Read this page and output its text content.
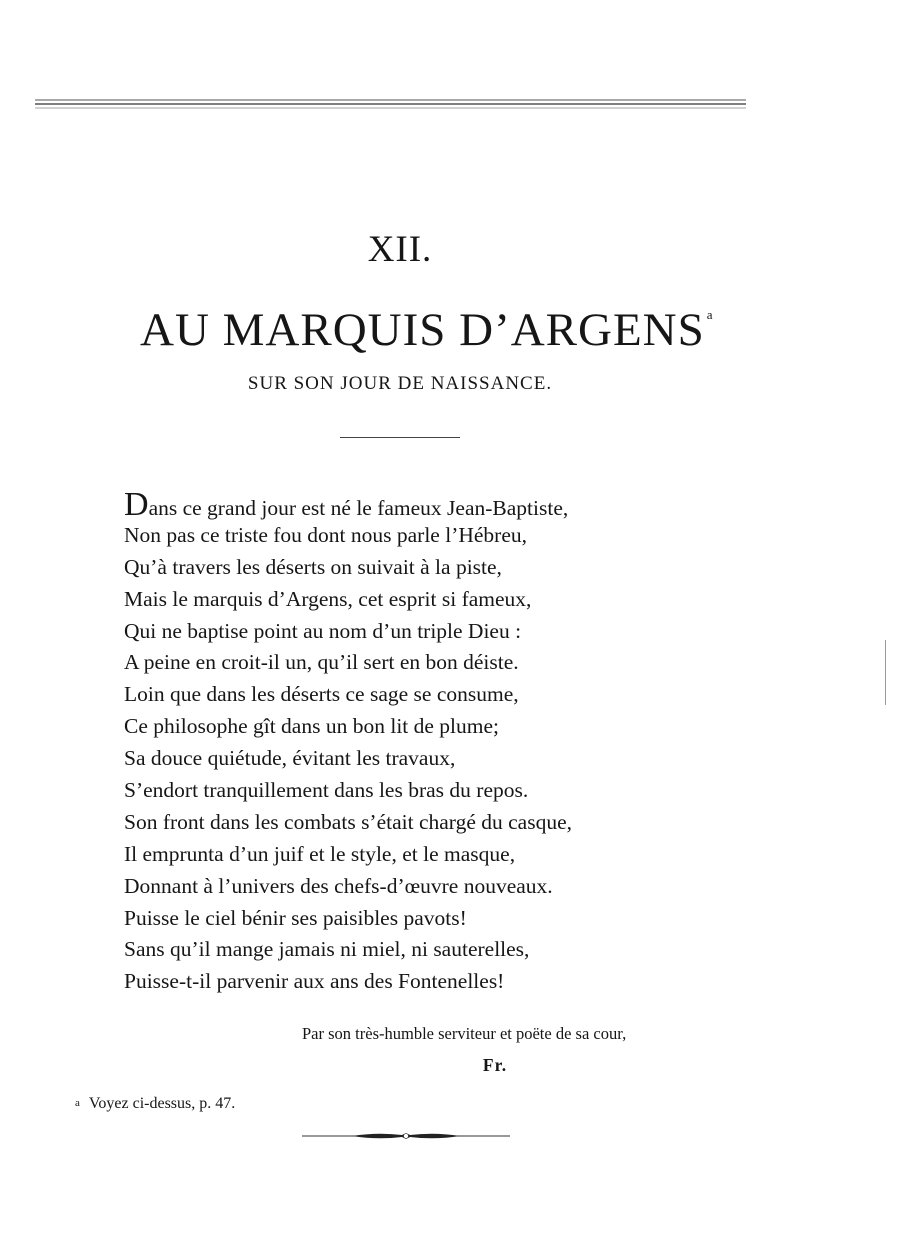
XII.
AU MARQUIS D’ARGENS $^a$
SUR SON JOUR DE NAISSANCE.
Dans ce grand jour est né le fameux Jean-Baptiste,
Non pas ce triste fou dont nous parle l’Hébreu,
Qu’à travers les déserts on suivait à la piste,
Mais le marquis d’Argens, cet esprit si fameux,
Qui ne baptise point au nom d’un triple Dieu :
A peine en croit-il un, qu’il sert en bon déiste.
Loin que dans les déserts ce sage se consume,
Ce philosophe gît dans un bon lit de plume;
Sa douce quiétude, évitant les travaux,
S’endort tranquillement dans les bras du repos.
Son front dans les combats s’était chargé du casque,
Il emprunta d’un juif et le style, et le masque,
Donnant à l’univers des chefs-d’œuvre nouveaux.
Puisse le ciel bénir ses paisibles pavots!
Sans qu’il mange jamais ni miel, ni sauterelles,
Puisse-t-il parvenir aux ans des Fontenelles!
Par son très-humble serviteur et poëte de sa cour,
Fr.
a Voyez ci-dessus, p. 47.
